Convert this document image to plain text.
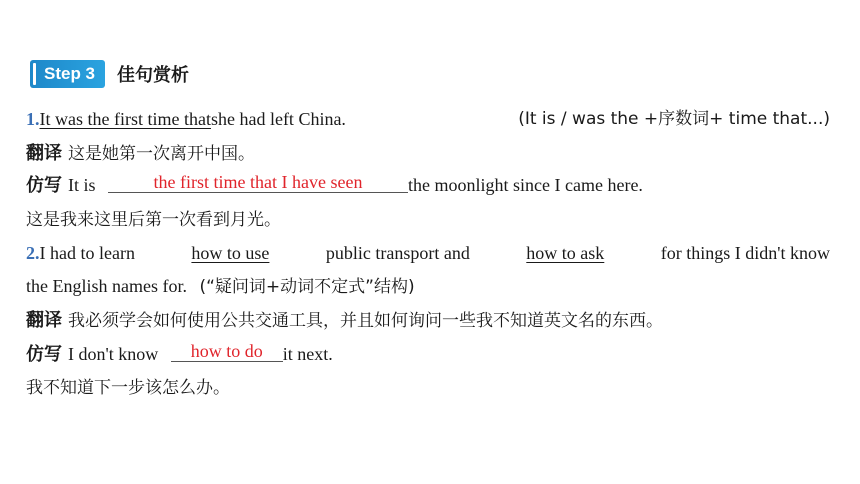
Step 3 佳句赏析
1.It was the first time thatshe had left China.	(It is / was the +序数词+ time that...)
翻译 这是她第一次离开中国。
仿写 It is	the first time that I have seen	the moonlight since I came here.
这是我来这里后第一次看到月光。
2.I had to learn	how to use	public transport and	how to ask	for things I didn't know
the English names for. (“疑问词+动词不定式”结构)
翻译 我必须学会如何使用公共交通工具，并且如何询问一些我不知道英文名的东西。
仿写 I don't know how to do it next.
我不知道下一步该怎么办。
